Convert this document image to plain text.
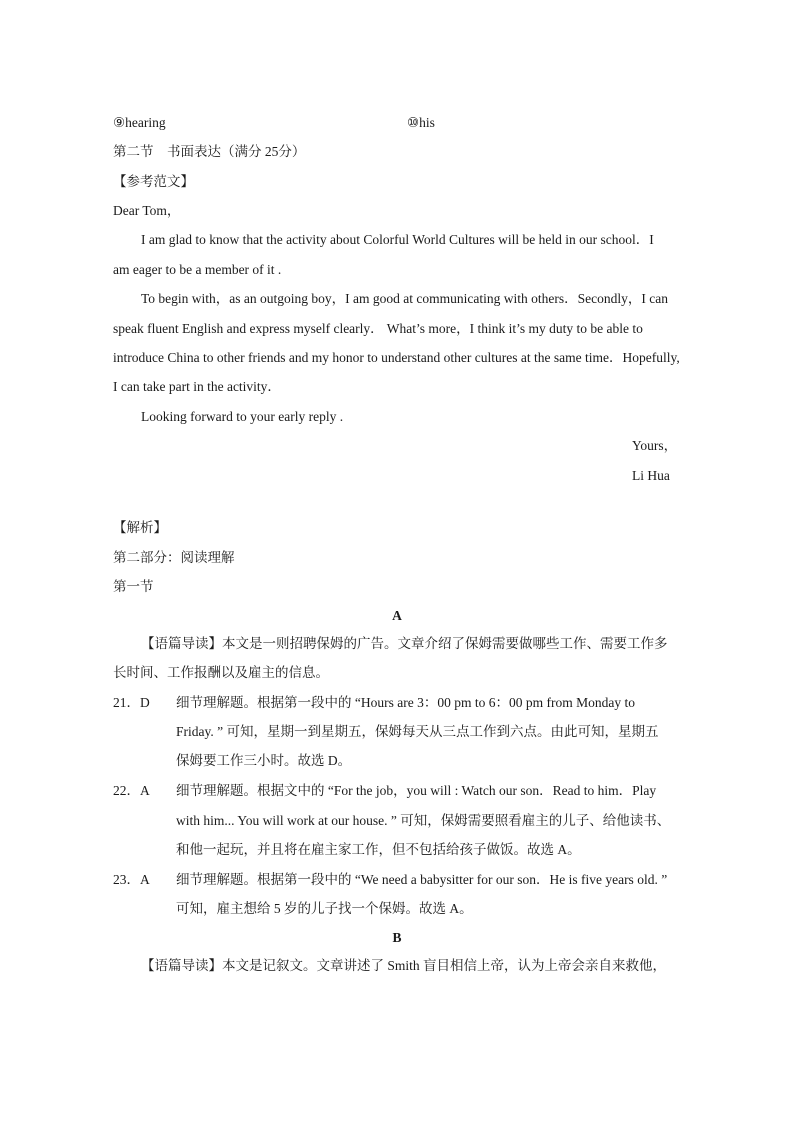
⑨hearing	⑩his
第二节　书面表达（满分 25分）
【参考范文】
Dear Tom，
I am glad to know that the activity about Colorful World Cultures will be held in our school．I
am eager to be a member of it .
To begin with，as an outgoing boy，I am good at communicating with others．Secondly，I can
speak fluent English and express myself clearly． What’s more，I think it’s my duty to be able to
introduce China to other friends and my honor to understand other cultures at the same time．Hopefully,
I can take part in the activity．
Looking forward to your early reply .
Yours，
Li Hua
【解析】
第二部分：阅读理解
第一节
A
【语篇导读】本文是一则招聘保姆的广告。文章介绍了保姆需要做哪些工作、需要工作多
长时间、工作报酬以及雇主的信息。
21．D 细节理解题。根据第一段中的 “Hours are 3：00 pm to 6：00 pm from Monday to
Friday. ” 可知，星期一到星期五，保姆每天从三点工作到六点。由此可知，星期五
保姆要工作三小时。故选 D。
22．A 细节理解题。根据文中的 “For the job，you will : Watch our son．Read to him．Play
with him... You will work at our house. ” 可知，保姆需要照看雇主的儿子、给他读书、
和他一起玩，并且将在雇主家工作，但不包括给孩子做饭。故选 A。
23．A 细节理解题。根据第一段中的 “We need a babysitter for our son．He is five years old. ”
可知，雇主想给 5 岁的儿子找一个保姆。故选 A。
B
【语篇导读】本文是记叙文。文章讲述了 Smith 盲目相信上帝，认为上帝会亲自来救他，
